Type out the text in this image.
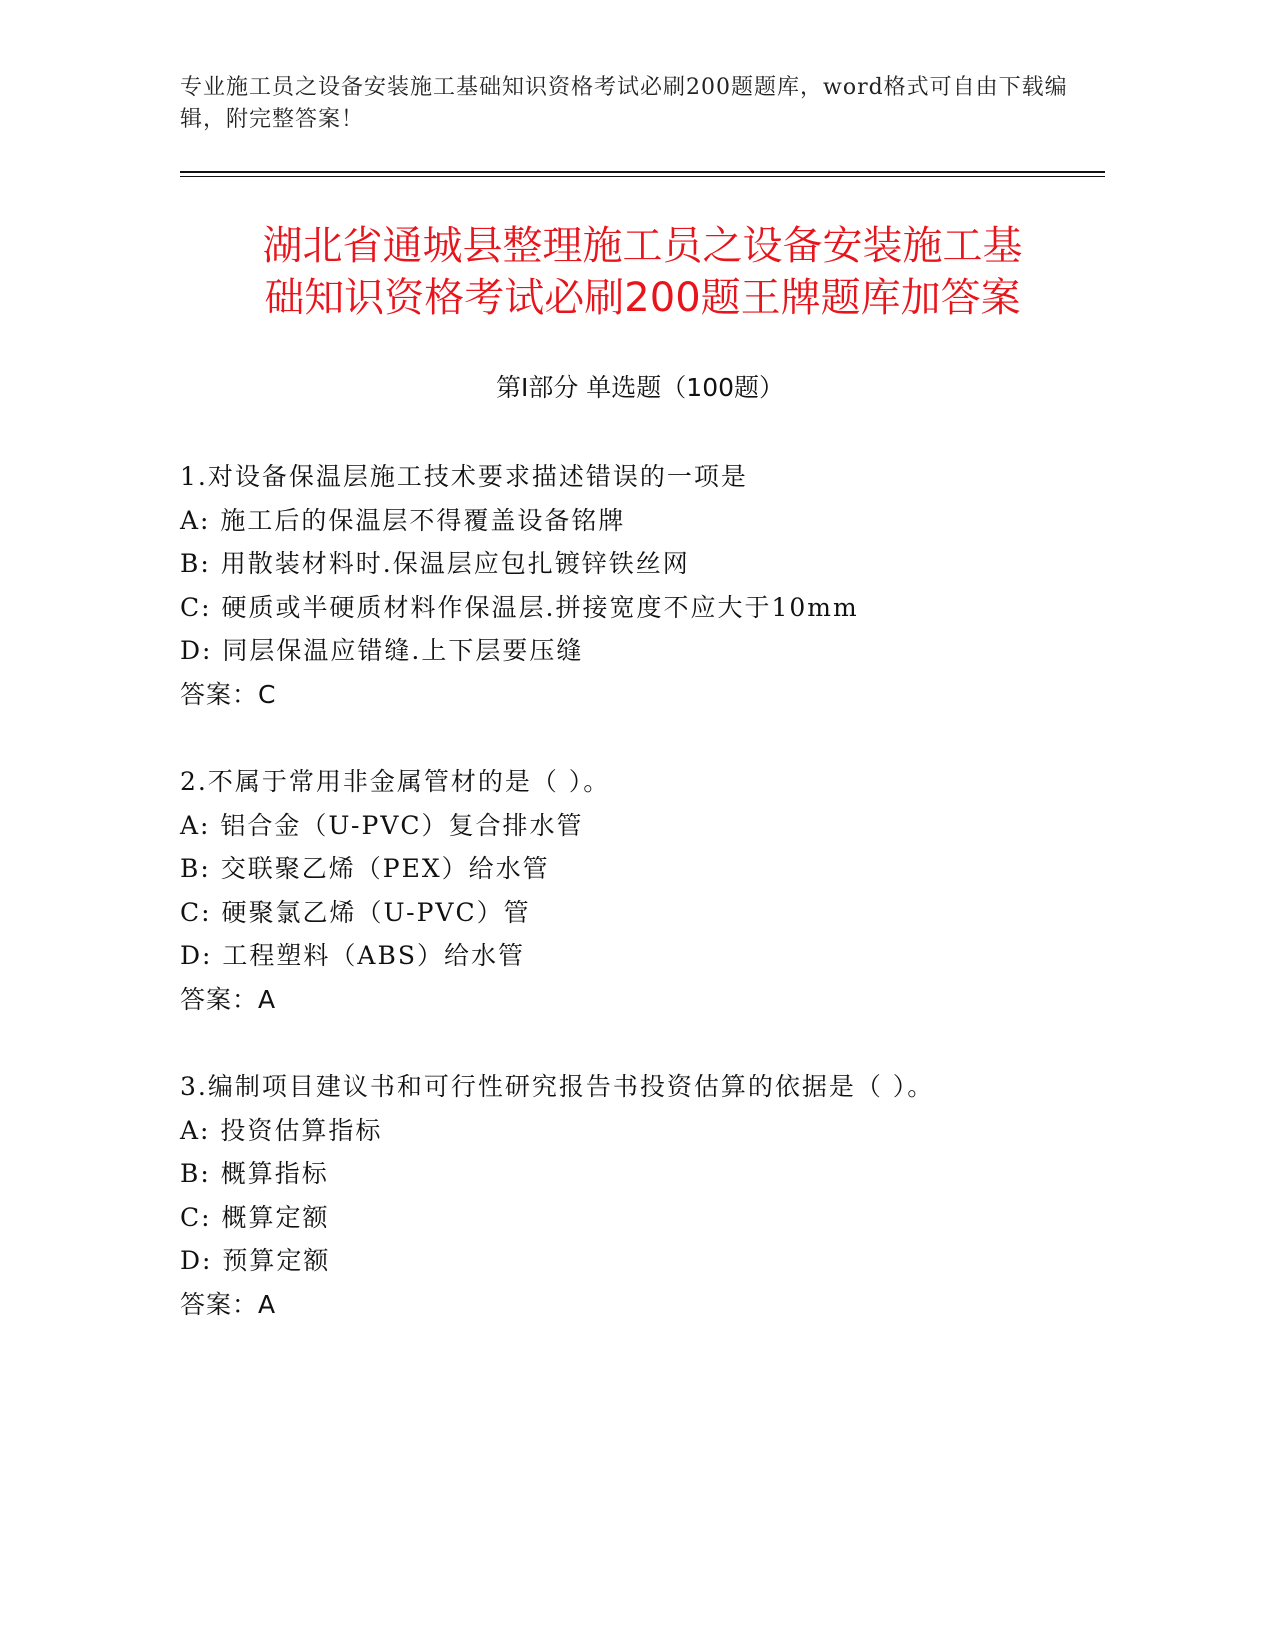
专业施工员之设备安装施工基础知识资格考试必刷200题题库，word格式可自由下载编辑，附完整答案！
湖北省通城县整理施工员之设备安装施工基
础知识资格考试必刷200题王牌题库加答案
第Ⅰ部分 单选题（100题）
1.对设备保温层施工技术要求描述错误的一项是
A: 施工后的保温层不得覆盖设备铭牌
B: 用散装材料时.保温层应包扎镀锌铁丝网
C: 硬质或半硬质材料作保温层.拼接宽度不应大于10mm
D: 同层保温应错缝.上下层要压缝
答案：C
2.不属于常用非金属管材的是（ ）。
A: 铝合金（U-PVC）复合排水管
B: 交联聚乙烯（PEX）给水管
C: 硬聚氯乙烯（U-PVC）管
D: 工程塑料（ABS）给水管
答案：A
3.编制项目建议书和可行性研究报告书投资估算的依据是（ ）。
A: 投资估算指标
B: 概算指标
C: 概算定额
D: 预算定额
答案：A
